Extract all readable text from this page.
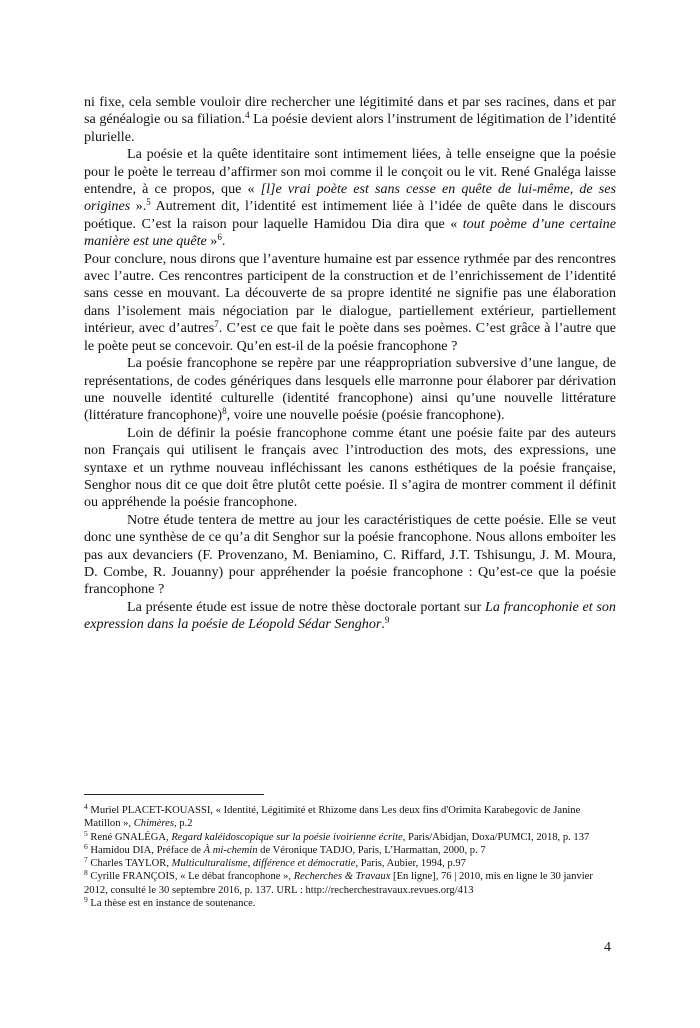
ni fixe, cela semble vouloir dire rechercher une légitimité dans et par ses racines, dans et par sa généalogie ou sa filiation.$^4$ La poésie devient alors l’instrument de légitimation de l’identité plurielle.

La poésie et la quête identitaire sont intimement liées, à telle enseigne que la poésie pour le poète le terreau d’affirmer son moi comme il le conçoit ou le vit. René Gnaléga laisse entendre, à ce propos, que « [l]e vrai poète est sans cesse en quête de lui-même, de ses origines ».$^5$ Autrement dit, l’identité est intimement liée à l’idée de quête dans le discours poétique. C’est la raison pour laquelle Hamidou Dia dira que « tout poème d’une certaine manière est une quête »$^6$.

Pour conclure, nous dirons que l’aventure humaine est par essence rythmée par des rencontres avec l’autre. Ces rencontres participent de la construction et de l’enrichissement de l’identité sans cesse en mouvant. La découverte de sa propre identité ne signifie pas une élaboration dans l’isolement mais négociation par le dialogue, partiellement extérieur, partiellement intérieur, avec d’autres$^7$. C’est ce que fait le poète dans ses poèmes. C’est grâce à l’autre que le poète peut se concevoir. Qu’en est-il de la poésie francophone ?

La poésie francophone se repère par une réappropriation subversive d’une langue, de représentations, de codes génériques dans lesquels elle marronne pour élaborer par dérivation une nouvelle identité culturelle (identité francophone) ainsi qu’une nouvelle littérature (littérature francophone)$^8$, voire une nouvelle poésie (poésie francophone).

Loin de définir la poésie francophone comme étant une poésie faite par des auteurs non Français qui utilisent le français avec l’introduction des mots, des expressions, une syntaxe et un rythme nouveau infléchissant les canons esthétiques de la poésie française, Senghor nous dit ce que doit être plutôt cette poésie. Il s’agira de montrer comment il définit ou appréhende la poésie francophone.

Notre étude tentera de mettre au jour les caractéristiques de cette poésie. Elle se veut donc une synthèse de ce qu’a dit Senghor sur la poésie francophone. Nous allons emboiter les pas aux devanciers (F. Provenzano, M. Beniamino, C. Riffard, J.T. Tshisungu, J. M. Moura, D. Combe, R. Jouanny) pour appréhender la poésie francophone : Qu’est-ce que la poésie francophone ?

La présente étude est issue de notre thèse doctorale portant sur La francophonie et son expression dans la poésie de Léopold Sédar Senghor.$^9$

$^4$ Muriel PLACET-KOUASSI, « Identité, Légitimité et Rhizome dans Les deux fins d'Orimita Karabegovic de Janine Matillon », Chimères, p.2

$^5$ René GNALÉGA, Regard kaléidoscopique sur la poésie ivoirienne écrite, Paris/Abidjan, Doxa/PUMCI, 2018, p. 137

$^6$ Hamidou DIA, Préface de À mi-chemin de Véronique TADJO, Paris, L’Harmattan, 2000, p. 7

$^7$ Charles TAYLOR, Multiculturalisme, différence et démocratie, Paris, Aubier, 1994, p.97

$^8$ Cyrille FRANÇOIS, « Le débat francophone », Recherches & Travaux [En ligne], 76 | 2010, mis en ligne le 30 janvier 2012, consulté le 30 septembre 2016, p. 137. URL : http://recherchestravaux.revues.org/413

$^9$ La thèse est en instance de soutenance.

4
